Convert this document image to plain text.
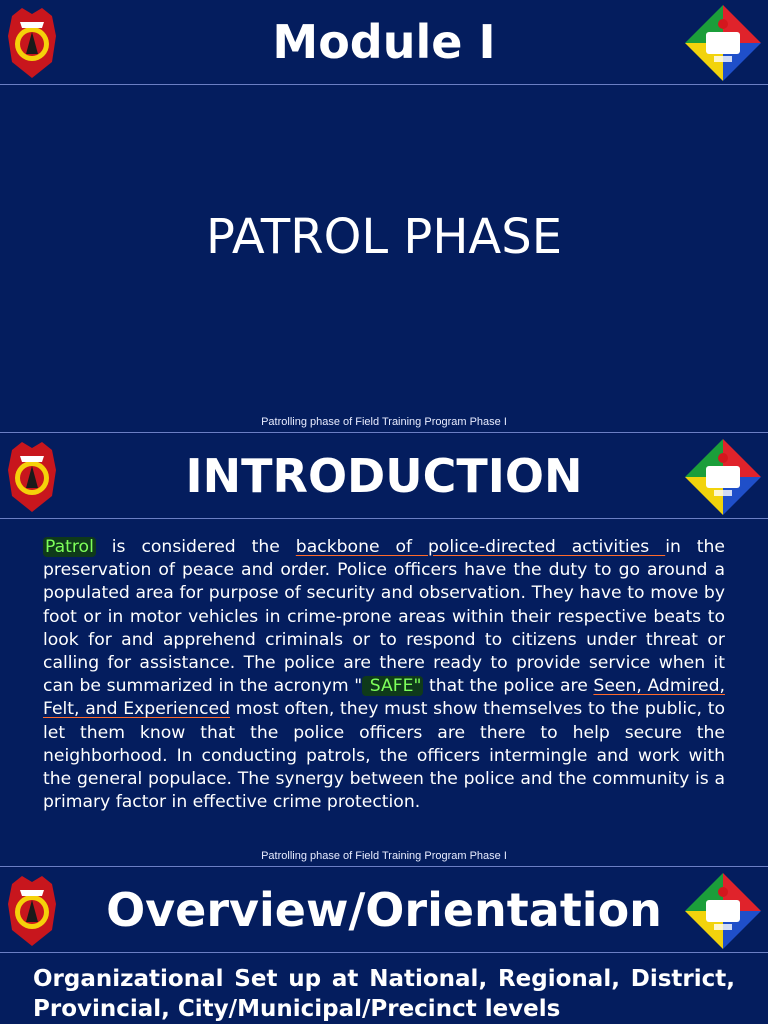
Module I
PATROL PHASE
Patrolling phase of Field Training Program Phase I
INTRODUCTION
Patrol is considered the backbone of police-directed activities in the preservation of peace and order. Police officers have the duty to go around a populated area for purpose of security and observation. They have to move by foot or in motor vehicles in crime-prone areas within their respective beats to look for and apprehend criminals or to respond to citizens under threat or calling for assistance. The police are there ready to provide service when it can be summarized in the acronym " SAFE" that the police are Seen, Admired, Felt, and Experienced most often, they must show themselves to the public, to let them know that the police officers are there to help secure the neighborhood. In conducting patrols, the officers intermingle and work with the general populace. The synergy between the police and the community is a primary factor in effective crime protection.
Patrolling phase of Field Training Program Phase I
Overview/Orientation
Organizational Set up at National, Regional, District, Provincial, City/Municipal/Precinct levels
